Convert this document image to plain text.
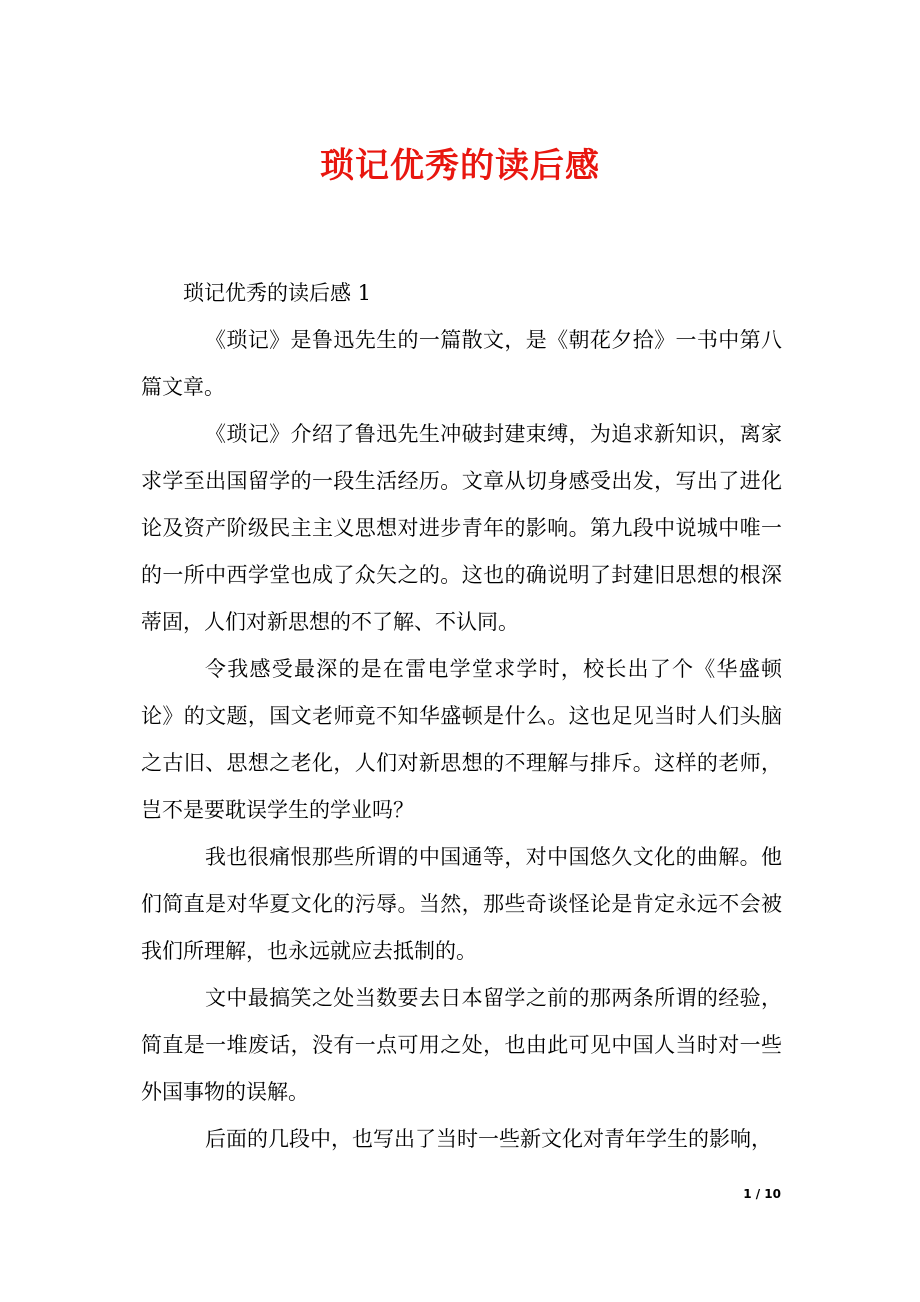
琐记优秀的读后感

琐记优秀的读后感 1

《琐记》是鲁迅先生的一篇散文，是《朝花夕拾》一书中第八篇文章。

《琐记》介绍了鲁迅先生冲破封建束缚，为追求新知识，离家求学至出国留学的一段生活经历。文章从切身感受出发，写出了进化论及资产阶级民主主义思想对进步青年的影响。第九段中说城中唯一的一所中西学堂也成了众矢之的。这也的确说明了封建旧思想的根深蒂固，人们对新思想的不了解、不认同。

令我感受最深的是在雷电学堂求学时，校长出了个《华盛顿论》的文题，国文老师竟不知华盛顿是什么。这也足见当时人们头脑之古旧、思想之老化，人们对新思想的不理解与排斥。这样的老师，岂不是要耽误学生的学业吗？

我也很痛恨那些所谓的中国通等，对中国悠久文化的曲解。他们简直是对华夏文化的污辱。当然，那些奇谈怪论是肯定永远不会被我们所理解，也永远就应去抵制的。

文中最搞笑之处当数要去日本留学之前的那两条所谓的经验，简直是一堆废话，没有一点可用之处，也由此可见中国人当时对一些外国事物的误解。

后面的几段中，也写出了当时一些新文化对青年学生的影响，

1 / 10
